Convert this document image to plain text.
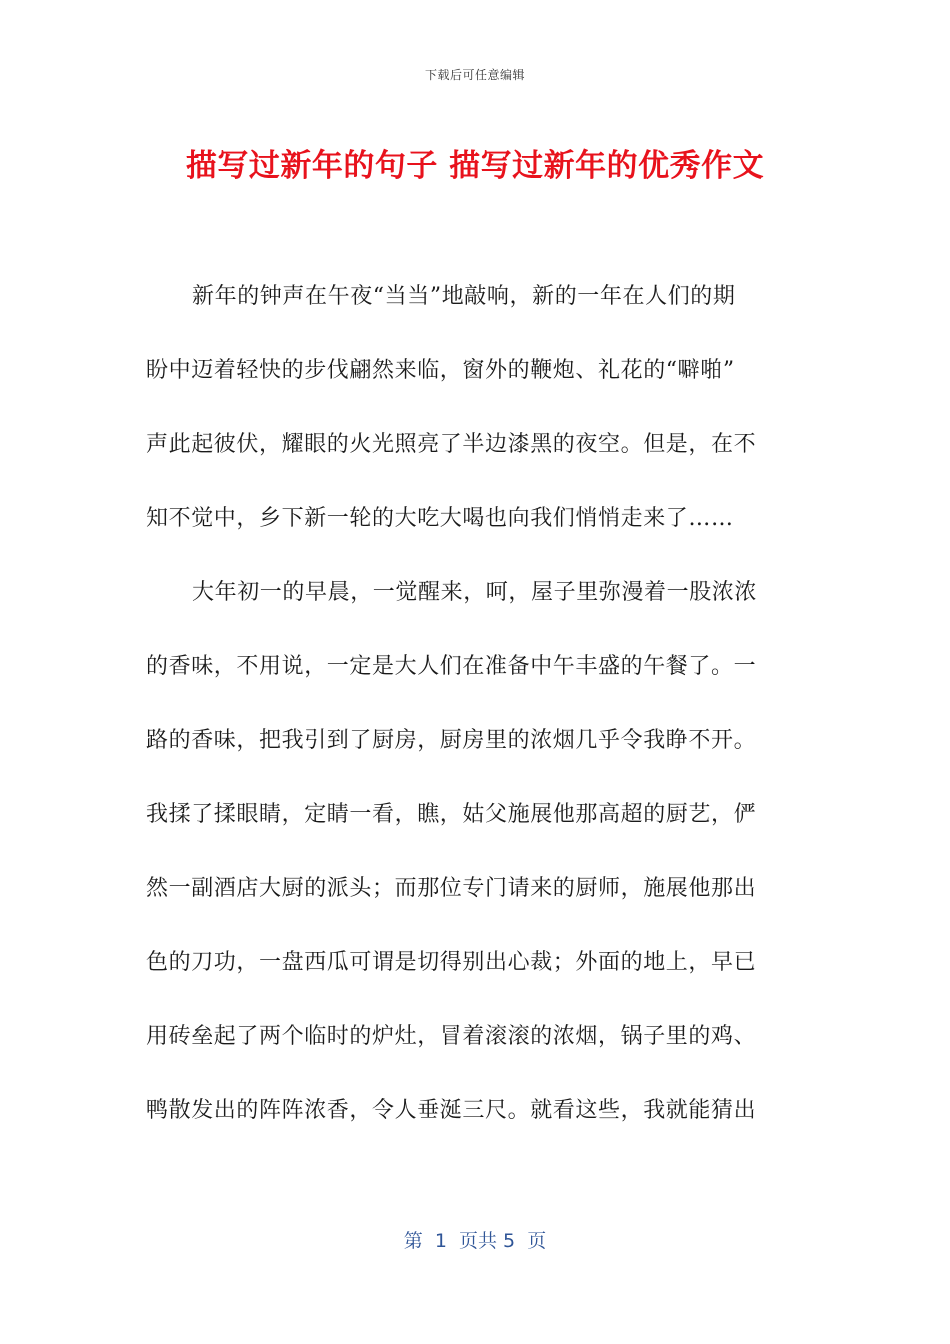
下载后可任意编辑
描写过新年的句子 描写过新年的优秀作文
新年的钟声在午夜“当当”地敲响，新的一年在人们的期
盼中迈着轻快的步伐翩然来临，窗外的鞭炮、礼花的“噼啪”
声此起彼伏，耀眼的火光照亮了半边漆黑的夜空。但是，在不
知不觉中，乡下新一轮的大吃大喝也向我们悄悄走来了……
大年初一的早晨，一觉醒来，呵，屋子里弥漫着一股浓浓
的香味，不用说，一定是大人们在准备中午丰盛的午餐了。一
路的香味，把我引到了厨房，厨房里的浓烟几乎令我睁不开。
我揉了揉眼睛，定睛一看，瞧，姑父施展他那高超的厨艺，俨
然一副酒店大厨的派头；而那位专门请来的厨师，施展他那出
色的刀功，一盘西瓜可谓是切得别出心裁；外面的地上，早已
用砖垒起了两个临时的炉灶，冒着滚滚的浓烟，锅子里的鸡、
鸭散发出的阵阵浓香，令人垂涎三尺。就看这些，我就能猜出
第  1  页共 5  页
